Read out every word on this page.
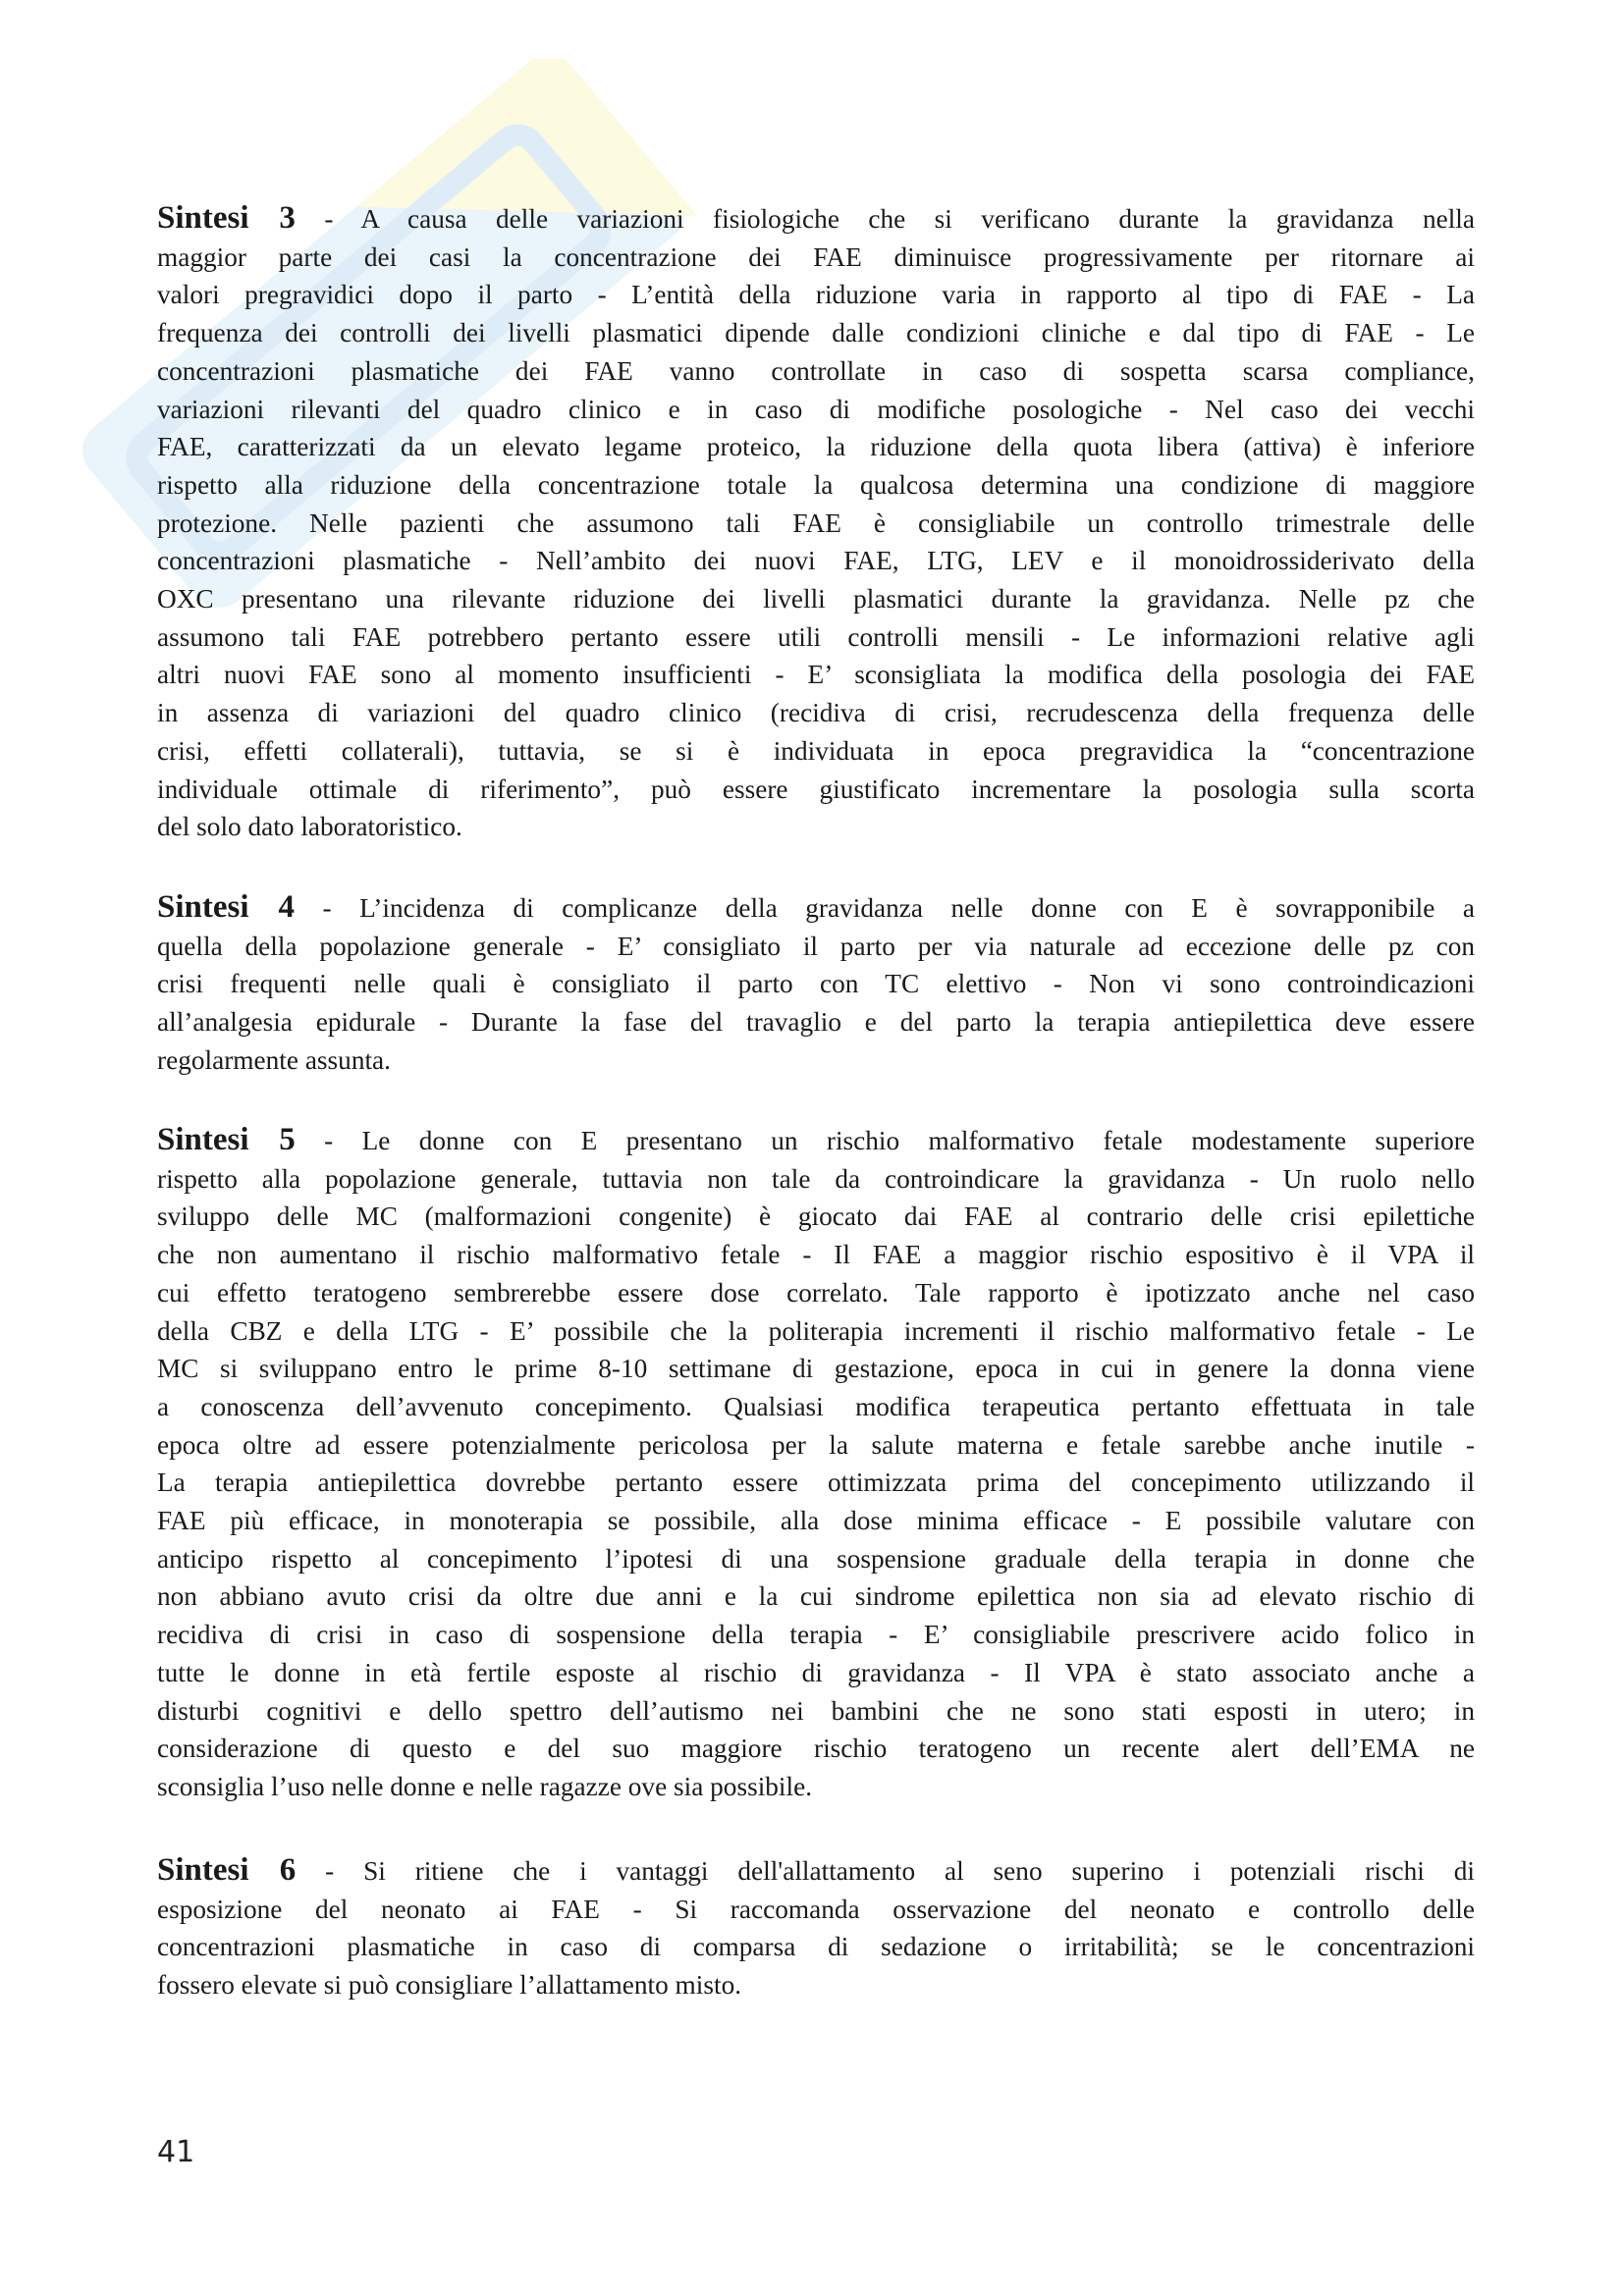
Sintesi 3 - A causa delle variazioni fisiologiche che si verificano durante la gravidanza nella
maggior parte dei casi la concentrazione dei FAE diminuisce progressivamente per ritornare ai
valori pregravidici dopo il parto - L’entità della riduzione varia in rapporto al tipo di FAE - La
frequenza dei controlli dei livelli plasmatici dipende dalle condizioni cliniche e dal tipo di FAE - Le
concentrazioni plasmatiche dei FAE vanno controllate in caso di sospetta scarsa compliance,
variazioni rilevanti del quadro clinico e in caso di modifiche posologiche - Nel caso dei vecchi
FAE, caratterizzati da un elevato legame proteico, la riduzione della quota libera (attiva) è inferiore
rispetto alla riduzione della concentrazione totale la qualcosa determina una condizione di maggiore
protezione. Nelle pazienti che assumono tali FAE è consigliabile un controllo trimestrale delle
concentrazioni plasmatiche - Nell’ambito dei nuovi FAE, LTG, LEV e il monoidrossiderivato della
OXC presentano una rilevante riduzione dei livelli plasmatici durante la gravidanza. Nelle pz che
assumono tali FAE potrebbero pertanto essere utili controlli mensili - Le informazioni relative agli
altri nuovi FAE sono al momento insufficienti - E’ sconsigliata la modifica della posologia dei FAE
in assenza di variazioni del quadro clinico (recidiva di crisi, recrudescenza della frequenza delle
crisi, effetti collaterali), tuttavia, se si è individuata in epoca pregravidica la “concentrazione
individuale ottimale di riferimento”, può essere giustificato incrementare la posologia sulla scorta
del solo dato laboratoristico.
Sintesi 4 - L’incidenza di complicanze della gravidanza nelle donne con E è sovrapponibile a
quella della popolazione generale - E’ consigliato il parto per via naturale ad eccezione delle pz con
crisi frequenti nelle quali è consigliato il parto con TC elettivo - Non vi sono controindicazioni
all’analgesia epidurale - Durante la fase del travaglio e del parto la terapia antiepilettica deve essere
regolarmente assunta.
Sintesi 5 - Le donne con E presentano un rischio malformativo fetale modestamente superiore
rispetto alla popolazione generale, tuttavia non tale da controindicare la gravidanza - Un ruolo nello
sviluppo delle MC (malformazioni congenite) è giocato dai FAE al contrario delle crisi epilettiche
che non aumentano il rischio malformativo fetale - Il FAE a maggior rischio espositivo è il VPA il
cui effetto teratogeno sembrerebbe essere dose correlato. Tale rapporto è ipotizzato anche nel caso
della CBZ e della LTG - E’ possibile che la politerapia incrementi il rischio malformativo fetale - Le
MC si sviluppano entro le prime 8-10 settimane di gestazione, epoca in cui in genere la donna viene
a conoscenza dell’avvenuto concepimento. Qualsiasi modifica terapeutica pertanto effettuata in tale
epoca oltre ad essere potenzialmente pericolosa per la salute materna e fetale sarebbe anche inutile -
La terapia antiepilettica dovrebbe pertanto essere ottimizzata prima del concepimento utilizzando il
FAE più efficace, in monoterapia se possibile, alla dose minima efficace - E possibile valutare con
anticipo rispetto al concepimento l’ipotesi di una sospensione graduale della terapia in donne che
non abbiano avuto crisi da oltre due anni e la cui sindrome epilettica non sia ad elevato rischio di
recidiva di crisi in caso di sospensione della terapia - E’ consigliabile prescrivere acido folico in
tutte le donne in età fertile esposte al rischio di gravidanza - Il VPA è stato associato anche a
disturbi cognitivi e dello spettro dell’autismo nei bambini che ne sono stati esposti in utero; in
considerazione di questo e del suo maggiore rischio teratogeno un recente alert dell’EMA ne
sconsiglia l’uso nelle donne e nelle ragazze ove sia possibile.
Sintesi 6 - Si ritiene che i vantaggi dell'allattamento al seno superino i potenziali rischi di
esposizione del neonato ai FAE - Si raccomanda osservazione del neonato e controllo delle
concentrazioni plasmatiche in caso di comparsa di sedazione o irritabilità; se le concentrazioni
fossero elevate si può consigliare l’allattamento misto.
41
